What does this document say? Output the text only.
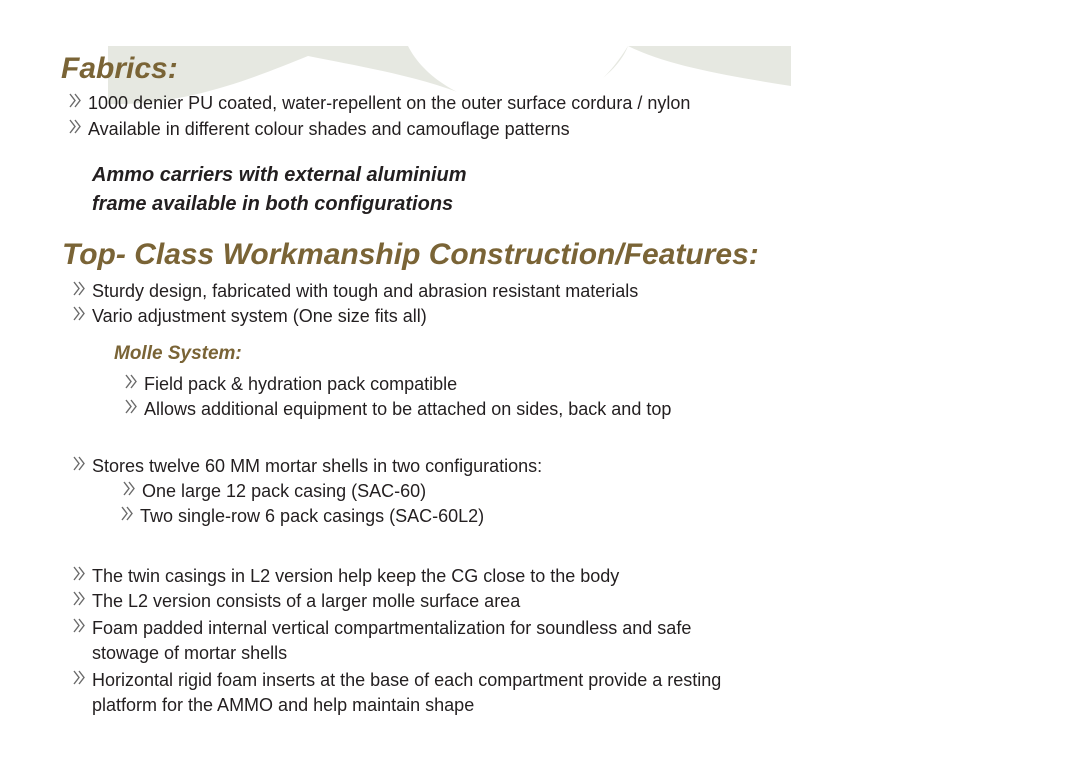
Fabrics:
1000 denier PU coated, water-repellent on the outer surface cordura / nylon
Available in different colour shades and camouflage patterns
Ammo carriers with external aluminium
frame available in both configurations
Top- Class Workmanship Construction/Features:
Sturdy design, fabricated with tough and abrasion resistant materials
Vario adjustment system (One size fits all)
Molle System:
Field pack & hydration pack compatible
Allows additional equipment to be attached on sides, back and top
Stores twelve 60 MM mortar shells in two configurations:
One large 12 pack casing (SAC-60)
Two single-row 6 pack casings (SAC-60L2)
The twin casings in L2 version help keep the CG close to the body
The L2 version consists of a larger molle surface area
Foam padded internal vertical compartmentalization for soundless and safe stowage of mortar shells
Horizontal rigid foam inserts at the base of each compartment provide a resting platform for the AMMO and help maintain shape
